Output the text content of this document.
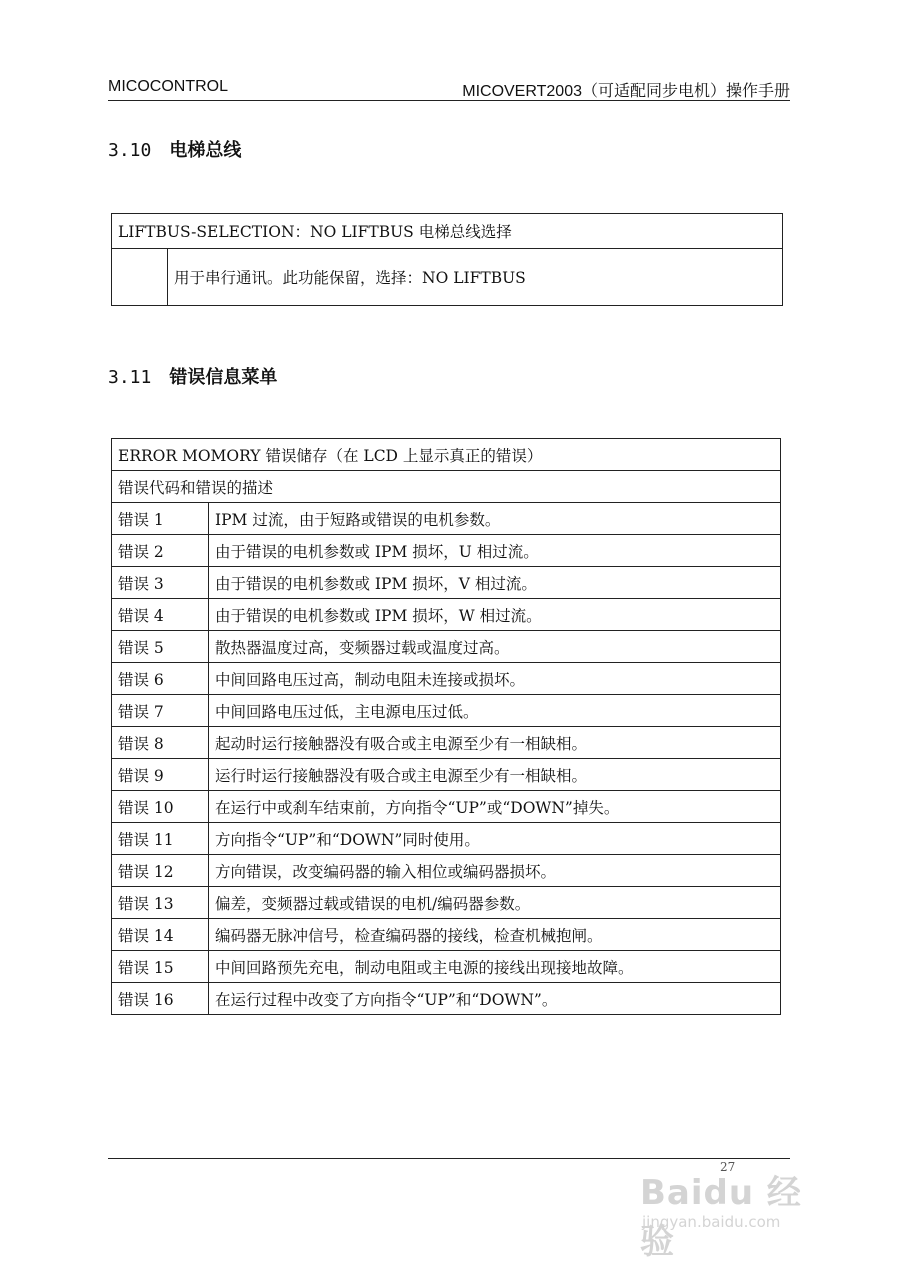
MICOCONTROL	MICOVERT2003（可适配同步电机）操作手册
3.10 电梯总线
LIFTBUS-SELECTION：NO LIFTBUS 电梯总线选择
	用于串行通讯。此功能保留，选择：NO LIFTBUS
3.11 错误信息菜单
ERROR MOMORY 错误储存（在 LCD 上显示真正的错误）	
错误代码和错误的描述	
错误 1	IPM 过流，由于短路或错误的电机参数。
错误 2	由于错误的电机参数或 IPM 损坏，U 相过流。
错误 3	由于错误的电机参数或 IPM 损坏，V 相过流。
错误 4	由于错误的电机参数或 IPM 损坏，W 相过流。
错误 5	散热器温度过高，变频器过载或温度过高。
错误 6	中间回路电压过高，制动电阻未连接或损坏。
错误 7	中间回路电压过低，主电源电压过低。
错误 8	起动时运行接触器没有吸合或主电源至少有一相缺相。
错误 9	运行时运行接触器没有吸合或主电源至少有一相缺相。
错误 10	在运行中或刹车结束前，方向指令“UP”或“DOWN”掉失。
错误 11	方向指令“UP”和“DOWN”同时使用。
错误 12	方向错误，改变编码器的输入相位或编码器损坏。
错误 13	偏差，变频器过载或错误的电机/编码器参数。
错误 14	编码器无脉冲信号，检查编码器的接线，检查机械抱闸。
错误 15	中间回路预先充电，制动电阻或主电源的接线出现接地故障。
错误 16	在运行过程中改变了方向指令“UP”和“DOWN”。
27
Baidu 经验
jingyan.baidu.com
